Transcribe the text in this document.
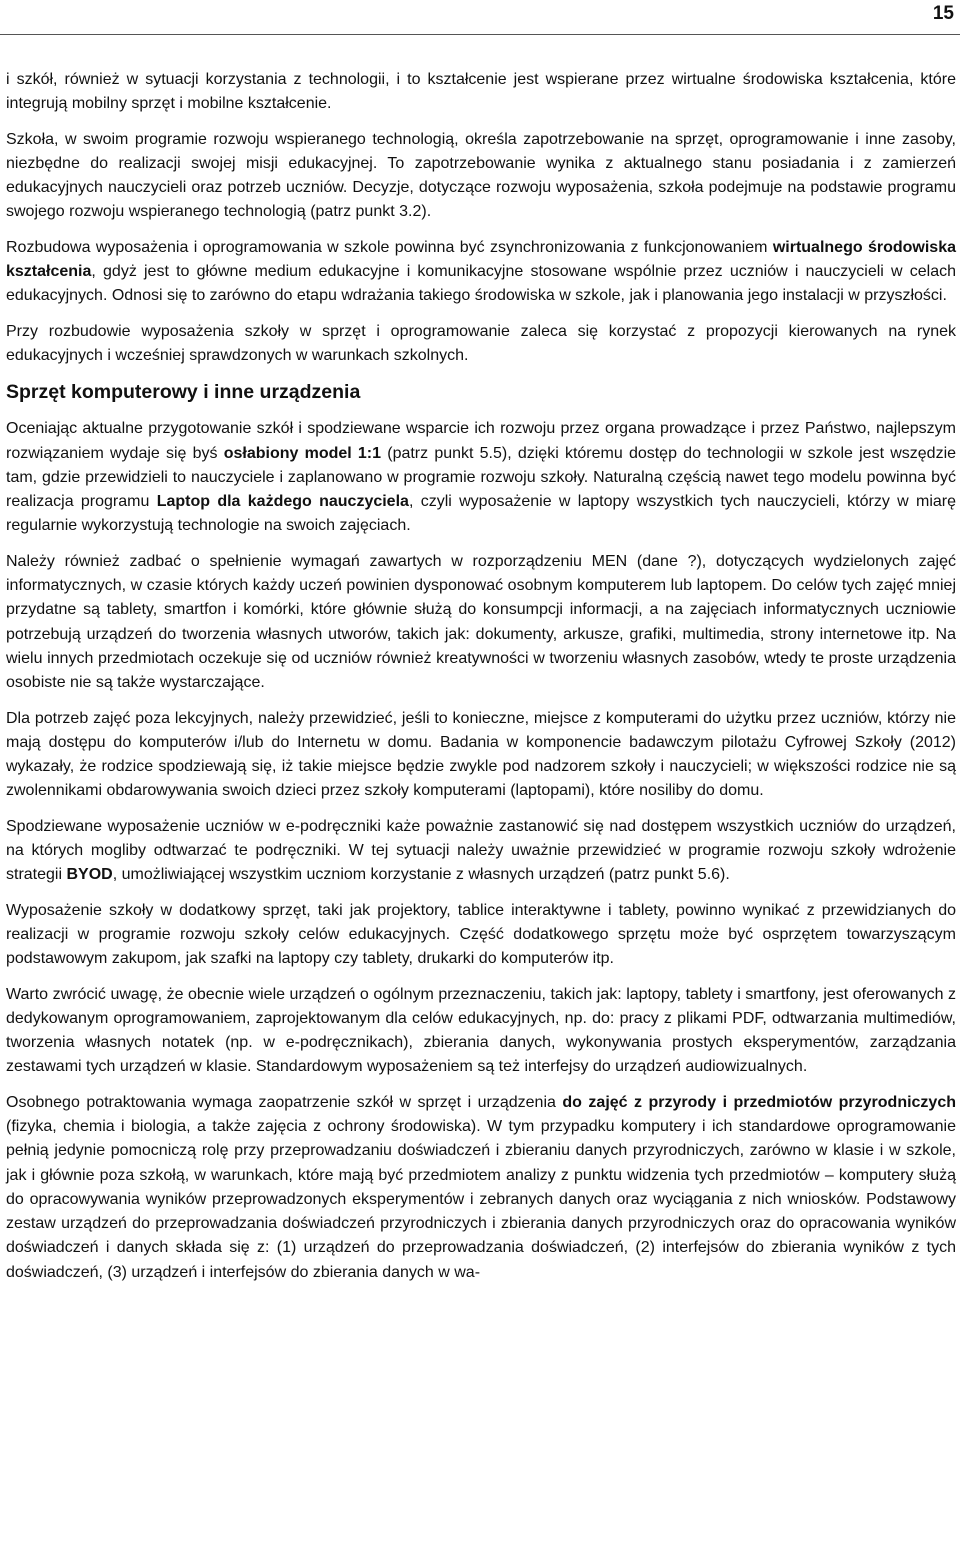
15

i szkół, również w sytuacji korzystania z technologii, i to kształcenie jest wspierane przez wirtualne środowiska kształcenia, które integrują mobilny sprzęt i mobilne kształcenie.

Szkoła, w swoim programie rozwoju wspieranego technologią, określa zapotrzebowanie na sprzęt, oprogramowanie i inne zasoby, niezbędne do realizacji swojej misji edukacyjnej. To zapotrzebowanie wynika z aktualnego stanu posiadania i z zamierzeń edukacyjnych nauczycieli oraz potrzeb uczniów. Decyzje, dotyczące rozwoju wyposażenia, szkoła podejmuje na podstawie programu swojego rozwoju wspieranego technologią (patrz punkt 3.2).

Rozbudowa wyposażenia i oprogramowania w szkole powinna być zsynchronizowania z funkcjonowaniem wirtualnego środowiska kształcenia, gdyż jest to główne medium edukacyjne i komunikacyjne stosowane wspólnie przez uczniów i nauczycieli w celach edukacyjnych. Odnosi się to zarówno do etapu wdrażania takiego środowiska w szkole, jak i planowania jego instalacji w przyszłości.

Przy rozbudowie wyposażenia szkoły w sprzęt i oprogramowanie zaleca się korzystać z propozycji kierowanych na rynek edukacyjnych i wcześniej sprawdzonych w warunkach szkolnych.

Sprzęt komputerowy i inne urządzenia

Oceniając aktualne przygotowanie szkół i spodziewane wsparcie ich rozwoju przez organa prowadzące i przez Państwo, najlepszym rozwiązaniem wydaje się byś osłabiony model 1:1 (patrz punkt 5.5), dzięki któremu dostęp do technologii w szkole jest wszędzie tam, gdzie przewidzieli to nauczyciele i zaplanowano w programie rozwoju szkoły. Naturalną częścią nawet tego modelu powinna być realizacja programu Laptop dla każdego nauczyciela, czyli wyposażenie w laptopy wszystkich tych nauczycieli, którzy w miarę regularnie wykorzystują technologie na swoich zajęciach.

Należy również zadbać o spełnienie wymagań zawartych w rozporządzeniu MEN (dane ?), dotyczących wydzielonych zajęć informatycznych, w czasie których każdy uczeń powinien dysponować osobnym komputerem lub laptopem. Do celów tych zajęć mniej przydatne są tablety, smartfon i komórki, które głównie służą do konsumpcji informacji, a na zajęciach informatycznych uczniowie potrzebują urządzeń do tworzenia własnych utworów, takich jak: dokumenty, arkusze, grafiki, multimedia, strony internetowe itp. Na wielu innych przedmiotach oczekuje się od uczniów również kreatywności w tworzeniu własnych zasobów, wtedy te proste urządzenia osobiste nie są także wystarczające.

Dla potrzeb zajęć poza lekcyjnych, należy przewidzieć, jeśli to konieczne, miejsce z komputerami do użytku przez uczniów, którzy nie mają dostępu do komputerów i/lub do Internetu w domu. Badania w komponencie badawczym pilotażu Cyfrowej Szkoły (2012) wykazały, że rodzice spodziewają się, iż takie miejsce będzie zwykle pod nadzorem szkoły i nauczycieli; w większości rodzice nie są zwolennikami obdarowywania swoich dzieci przez szkoły komputerami (laptopami), które nosiliby do domu.

Spodziewane wyposażenie uczniów w e-podręczniki każe poważnie zastanowić się nad dostępem wszystkich uczniów do urządzeń, na których mogliby odtwarzać te podręczniki. W tej sytuacji należy uważnie przewidzieć w programie rozwoju szkoły wdrożenie strategii BYOD, umożliwiającej wszystkim uczniom korzystanie z własnych urządzeń (patrz punkt 5.6).

Wyposażenie szkoły w dodatkowy sprzęt, taki jak projektory, tablice interaktywne i tablety, powinno wynikać z przewidzianych do realizacji w programie rozwoju szkoły celów edukacyjnych. Część dodatkowego sprzętu może być osprzętem towarzyszącym podstawowym zakupom, jak szafki na laptopy czy tablety, drukarki do komputerów itp.

Warto zwrócić uwagę, że obecnie wiele urządzeń o ogólnym przeznaczeniu, takich jak: laptopy, tablety i smartfony, jest oferowanych z dedykowanym oprogramowaniem, zaprojektowanym dla celów edukacyjnych, np. do: pracy z plikami PDF, odtwarzania multimediów, tworzenia własnych notatek (np. w e-podręcznikach), zbierania danych, wykonywania prostych eksperymentów, zarządzania zestawami tych urządzeń w klasie. Standardowym wyposażeniem są też interfejsy do urządzeń audiowizualnych.

Osobnego potraktowania wymaga zaopatrzenie szkół w sprzęt i urządzenia do zajęć z przyrody i przedmiotów przyrodniczych (fizyka, chemia i biologia, a także zajęcia z ochrony środowiska). W tym przypadku komputery i ich standardowe oprogramowanie pełnią jedynie pomocniczą rolę przy przeprowadzaniu doświadczeń i zbieraniu danych przyrodniczych, zarówno w klasie i w szkole, jak i głównie poza szkołą, w warunkach, które mają być przedmiotem analizy z punktu widzenia tych przedmiotów – komputery służą do opracowywania wyników przeprowadzonych eksperymentów i zebranych danych oraz wyciągania z nich wniosków. Podstawowy zestaw urządzeń do przeprowadzania doświadczeń przyrodniczych i zbierania danych przyrodniczych oraz do opracowania wyników doświadczeń i danych składa się z: (1) urządzeń do przeprowadzania doświadczeń, (2) interfejsów do zbierania wyników z tych doświadczeń, (3) urządzeń i interfejsów do zbierania danych w wa-
